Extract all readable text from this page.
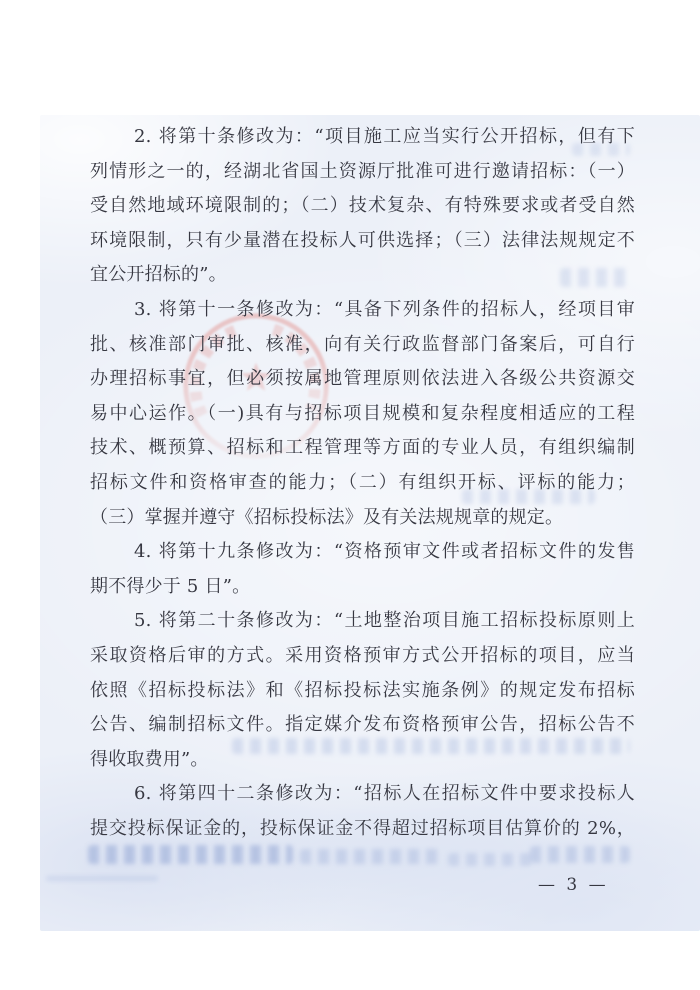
2. 将第十条修改为：“项目施工应当实行公开招标，但有下
列情形之一的，经湖北省国土资源厅批准可进行邀请招标：（一）
受自然地域环境限制的；（二）技术复杂、有特殊要求或者受自然
环境限制，只有少量潜在投标人可供选择；（三）法律法规规定不
宜公开招标的”。
3. 将第十一条修改为：“具备下列条件的招标人，经项目审
批、核准部门审批、核准，向有关行政监督部门备案后，可自行
办理招标事宜，但必须按属地管理原则依法进入各级公共资源交
易中心运作。（一)具有与招标项目规模和复杂程度相适应的工程
技术、概预算、招标和工程管理等方面的专业人员，有组织编制
招标文件和资格审查的能力；（二）有组织开标、评标的能力；
（三）掌握并遵守《招标投标法》及有关法规规章的规定。
4. 将第十九条修改为：“资格预审文件或者招标文件的发售
期不得少于 5 日”。
5. 将第二十条修改为：“土地整治项目施工招标投标原则上
采取资格后审的方式。采用资格预审方式公开招标的项目，应当
依照《招标投标法》和《招标投标法实施条例》的规定发布招标
公告、编制招标文件。指定媒介发布资格预审公告，招标公告不
得收取费用”。
6. 将第四十二条修改为：“招标人在招标文件中要求投标人
提交投标保证金的，投标保证金不得超过招标项目估算价的 2%，
— 3 —
